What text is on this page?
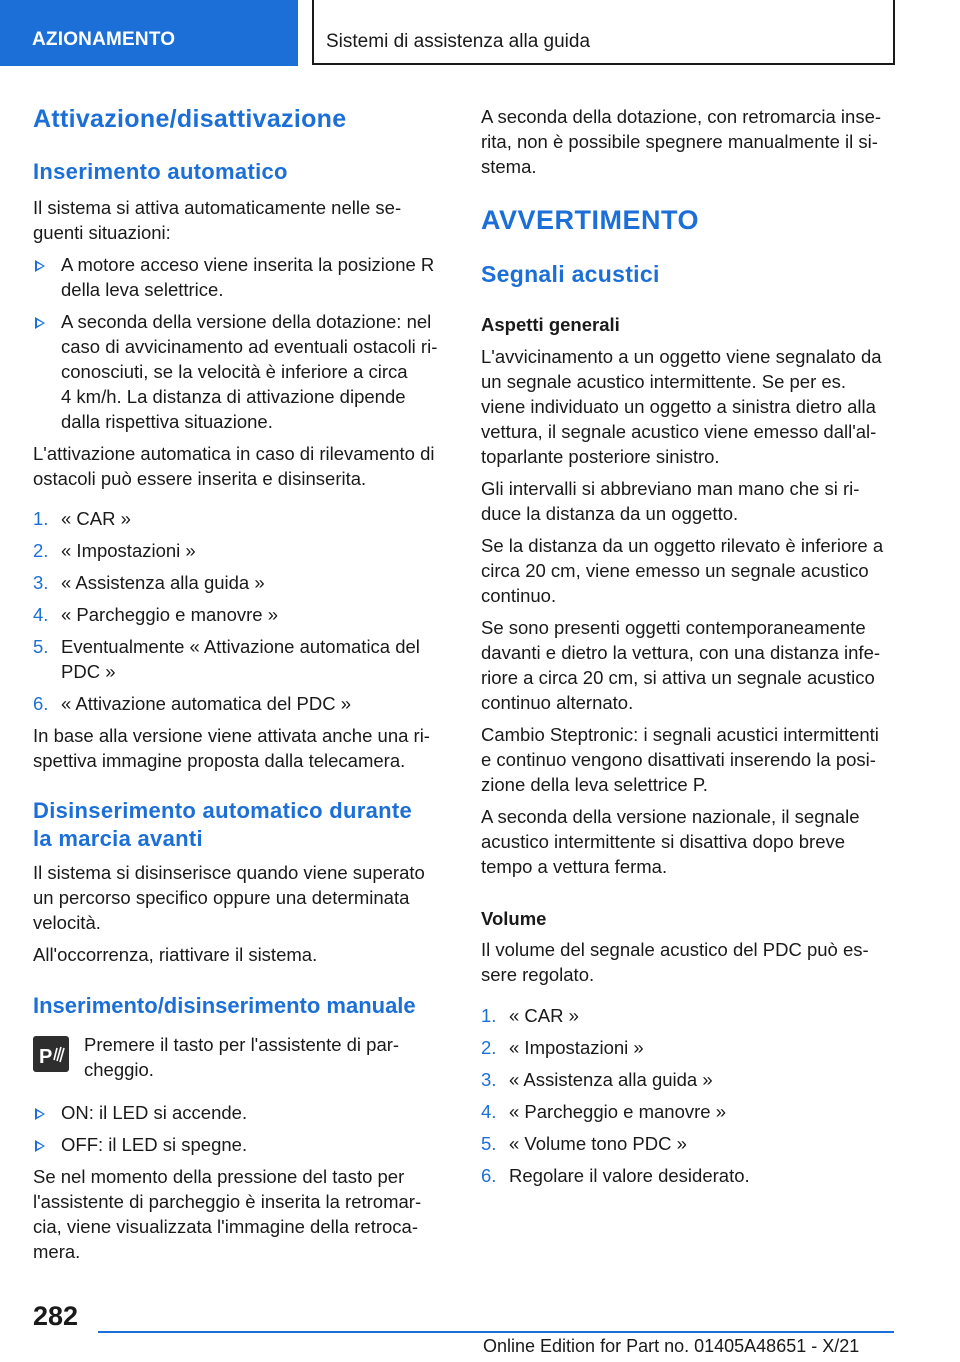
AZIONAMENTO	Sistemi di assistenza alla guida
Attivazione/disattivazione
Inserimento automatico
Il sistema si attiva automaticamente nelle se-
guenti situazioni:
A motore acceso viene inserita la posizione R
della leva selettrice.
A seconda della versione della dotazione: nel
caso di avvicinamento ad eventuali ostacoli ri-
conosciuti, se la velocità è inferiore a circa
4 km/h. La distanza di attivazione dipende
dalla rispettiva situazione.
L'attivazione automatica in caso di rilevamento di
ostacoli può essere inserita e disinserita.
1. « CAR »
2. « Impostazioni »
3. « Assistenza alla guida »
4. « Parcheggio e manovre »
5. Eventualmente « Attivazione automatica del
PDC »
6. « Attivazione automatica del PDC »
In base alla versione viene attivata anche una ri-
spettiva immagine proposta dalla telecamera.
Disinserimento automatico durante
la marcia avanti
Il sistema si disinserisce quando viene superato
un percorso specifico oppure una determinata
velocità.
All'occorrenza, riattivare il sistema.
Inserimento/disinserimento manuale
Premere il tasto per l'assistente di par-
cheggio.
ON: il LED si accende.
OFF: il LED si spegne.
Se nel momento della pressione del tasto per
l'assistente di parcheggio è inserita la retromar-
cia, viene visualizzata l'immagine della retroca-
mera.
P
A seconda della dotazione, con retromarcia inse-
rita, non è possibile spegnere manualmente il si-
stema.
AVVERTIMENTO
Segnali acustici
Aspetti generali
L'avvicinamento a un oggetto viene segnalato da
un segnale acustico intermittente. Se per es.
viene individuato un oggetto a sinistra dietro alla
vettura, il segnale acustico viene emesso dall'al-
toparlante posteriore sinistro.
Gli intervalli si abbreviano man mano che si ri-
duce la distanza da un oggetto.
Se la distanza da un oggetto rilevato è inferiore a
circa 20 cm, viene emesso un segnale acustico
continuo.
Se sono presenti oggetti contemporaneamente
davanti e dietro la vettura, con una distanza infe-
riore a circa 20 cm, si attiva un segnale acustico
continuo alternato.
Cambio Steptronic: i segnali acustici intermittenti
e continuo vengono disattivati inserendo la posi-
zione della leva selettrice P.
A seconda della versione nazionale, il segnale
acustico intermittente si disattiva dopo breve
tempo a vettura ferma.
Volume
Il volume del segnale acustico del PDC può es-
sere regolato.
1. « CAR »
2. « Impostazioni »
3. « Assistenza alla guida »
4. « Parcheggio e manovre »
5. « Volume tono PDC »
6. Regolare il valore desiderato.
282
Online Edition for Part no. 01405A48651 - X/21
